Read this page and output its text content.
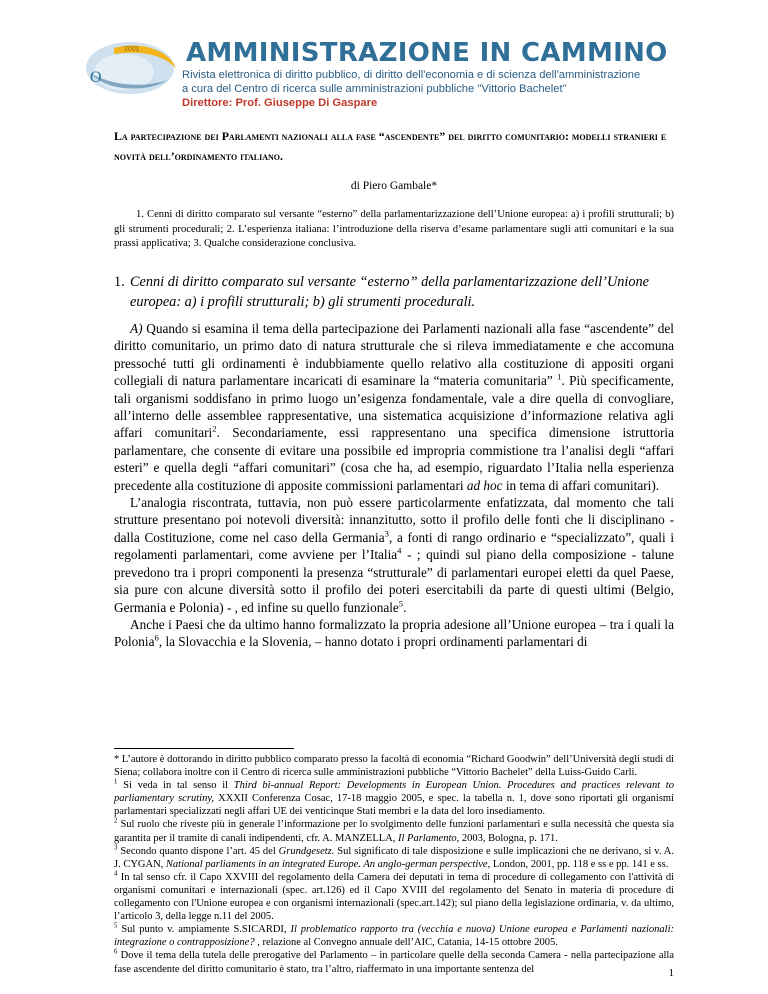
O
2001 AMMINISTRAZIONE IN CAMMINO
Rivista elettronica di diritto pubblico, di diritto dell'economia e di scienza dell'amministrazione
a cura del Centro di ricerca sulle amministrazioni pubbliche "Vittorio Bachelet"
Direttore: Prof. Giuseppe Di Gaspare
La partecipazione dei Parlamenti nazionali alla fase “ascendente” del diritto comunitario: modelli stranieri e novità dell’ordinamento italiano.
di Piero Gambale*
1. Cenni di diritto comparato sul versante “esterno” della parlamentarizzazione dell’Unione europea: a) i profili strutturali; b) gli strumenti procedurali; 2. L’esperienza italiana: l’introduzione della riserva d’esame parlamentare sugli atti comunitari e la sua prassi applicativa; 3. Qualche considerazione conclusiva.
1. Cenni di diritto comparato sul versante “esterno” della parlamentarizzazione dell’Unione europea: a) i profili strutturali; b) gli strumenti procedurali.

A) Quando si esamina il tema della partecipazione dei Parlamenti nazionali alla fase “ascendente” del diritto comunitario, un primo dato di natura strutturale che si rileva immediatamente e che accomuna pressoché tutti gli ordinamenti è indubbiamente quello relativo alla costituzione di appositi organi collegiali di natura parlamentare incaricati di esaminare la “materia comunitaria” $^1$. Più specificamente, tali organismi soddisfano in primo luogo un’esigenza fondamentale, vale a dire quella di convogliare, all’interno delle assemblee rappresentative, una sistematica acquisizione d’informazione relativa agli affari comunitari$^2$. Secondariamente, essi rappresentano una specifica dimensione istruttoria parlamentare, che consente di evitare una possibile ed impropria commistione tra l’analisi degli “affari esteri” e quella degli “affari comunitari” (cosa che ha, ad esempio, riguardato l’Italia nella esperienza precedente alla costituzione di apposite commissioni parlamentari ad hoc in tema di affari comunitari).

L’analogia riscontrata, tuttavia, non può essere particolarmente enfatizzata, dal momento che tali strutture presentano poi notevoli diversità: innanzitutto, sotto il profilo delle fonti che li disciplinano - dalla Costituzione, come nel caso della Germania$^3$, a fonti di rango ordinario e “specializzato”, quali i regolamenti parlamentari, come avviene per l’Italia$^4$ - ; quindi sul piano della composizione - talune prevedono tra i propri componenti la presenza “strutturale” di parlamentari europei eletti da quel Paese, sia pure con alcune diversità sotto il profilo dei poteri esercitabili da parte di questi ultimi (Belgio, Germania e Polonia) - , ed infine su quello funzionale$^5$.

Anche i Paesi che da ultimo hanno formalizzato la propria adesione all’Unione europea – tra i quali la Polonia$^6$, la Slovacchia e la Slovenia, – hanno dotato i propri ordinamenti parlamentari di

* L’autore è dottorando in diritto pubblico comparato presso la facoltà di economia “Richard Goodwin” dell’Università degli studi di Siena; collabora inoltre con il Centro di ricerca sulle amministrazioni pubbliche “Vittorio Bachelet” della Luiss-Guido Carli.

$^1$ Si veda in tal senso il Third bi-annual Report: Developments in European Union. Procedures and practices relevant to parliamentary scrutiny, XXXII Conferenza Cosac, 17-18 maggio 2005, e spec. la tabella n. 1, dove sono riportati gli organismi parlamentari specializzati negli affari UE dei venticinque Stati membri e la data del loro insediamento.

$^2$ Sul ruolo che riveste più in generale l’informazione per lo svolgimento delle funzioni parlamentari e sulla necessità che questa sia garantita per il tramite di canali indipendenti, cfr. A. MANZELLA, Il Parlamento, 2003, Bologna, p. 171.

$^3$ Secondo quanto dispone l’art. 45 del Grundgesetz. Sul significato di tale disposizione e sulle implicazioni che ne derivano, si v. A. J. CYGAN, National parliaments in an integrated Europe. An anglo-german perspective, London, 2001, pp. 118 e ss e pp. 141 e ss.

$^4$ In tal senso cfr. il Capo XXVIII del regolamento della Camera dei deputati in tema di procedure di collegamento con l'attività di organismi comunitari e internazionali (spec. art.126) ed il Capo XVIII del regolamento del Senato in materia di procedure di collegamento con l'Unione europea e con organismi internazionali (spec.art.142); sul piano della legislazione ordinaria, v. da ultimo, l’articolo 3, della legge n.11 del 2005.

$^5$ Sul punto v. ampiamente S.SICARDI, Il problematico rapporto tra (vecchia e nuova) Unione europea e Parlamenti nazionali: integrazione o contrapposizione? , relazione al Convegno annuale dell’AIC, Catania, 14-15 ottobre 2005.

$^6$ Dove il tema della tutela delle prerogative del Parlamento – in particolare quelle della seconda Camera - nella partecipazione alla fase ascendente del diritto comunitario è stato, tra l’altro, riaffermato in una importante sentenza del	1
